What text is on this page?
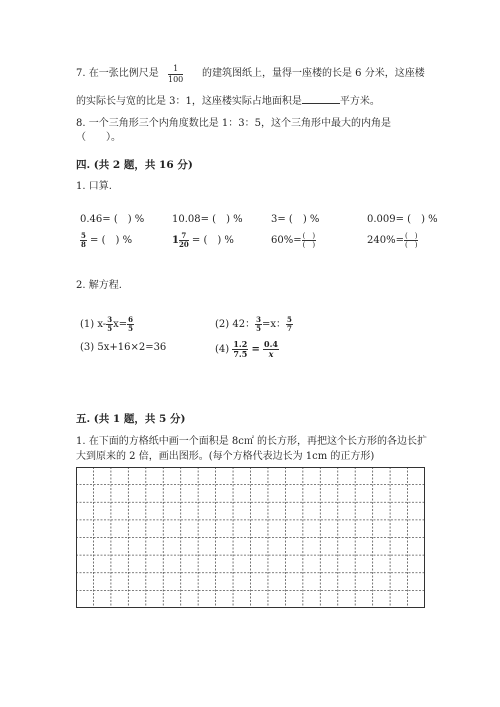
7. 在一张比例尺是 $\frac{1}{100}$ 的建筑图纸上，量得一座楼的长是 6 分米，这座楼
的实际长与宽的比是 3：1，这座楼实际占地面积是	平方米。
8. 一个三角形三个内角度数比是 1：3：5，这个三角形中最大的内角是
（　　）。
四. (共 2 题，共 16 分)
1. 口算.
0.46= (　) %	10.08= (　) %	3= (　) %	0.009= (　) %
$\frac{5}{8}$ = (　) %	$1 \frac{7}{20}$ = (　) %	$60\%= \frac{( )}{( )}$	$240\%= \frac{( )}{( )}$
2. 解方程.
(1) $x- \frac{3}{5} x= \frac{6}{5}$	(2) 42： $\frac{3}{5} =x$： $\frac{5}{7}$
(3) 5x+16×2=36	$(4) \frac{1.2}{7.5} = \frac{0.4}{x}$
五. (共 1 题，共 5 分)
1. 在下面的方格纸中画一个面积是 8c㎡ 的长方形，再把这个长方形的各边长扩
大到原来的 2 倍，画出图形。(每个方格代表边长为 1cm 的正方形)
